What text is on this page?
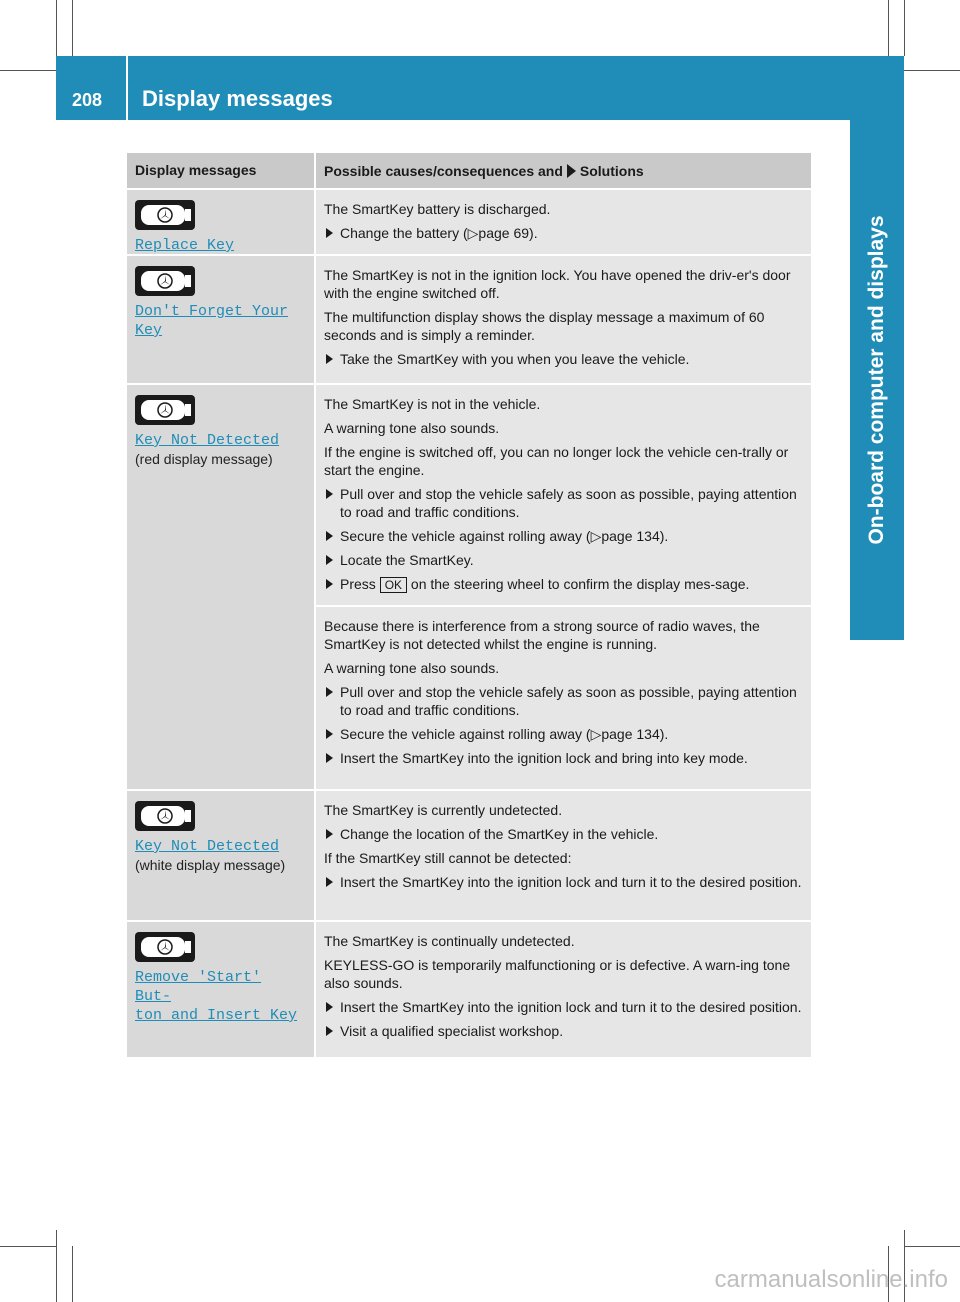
208 Display messages
On-board computer and displays
Display messages	Possible causes/consequences and Solutions
Replace Key

The SmartKey battery is discharged.

Change the battery (▷page 69).
Don't Forget Your
Key

The SmartKey is not in the ignition lock. You have opened the driv-er's door with the engine switched off.

The multifunction display shows the display message a maximum of 60 seconds and is simply a reminder.

Take the SmartKey with you when you leave the vehicle.
Key Not Detected
(red display message)

The SmartKey is not in the vehicle.

A warning tone also sounds.

If the engine is switched off, you can no longer lock the vehicle cen-trally or start the engine.

Pull over and stop the vehicle safely as soon as possible, paying attention to road and traffic conditions.
Secure the vehicle against rolling away (▷page 134).
Locate the SmartKey.
Press OK on the steering wheel to confirm the display mes-sage.

Because there is interference from a strong source of radio waves, the SmartKey is not detected whilst the engine is running.

A warning tone also sounds.

Pull over and stop the vehicle safely as soon as possible, paying attention to road and traffic conditions.
Secure the vehicle against rolling away (▷page 134).
Insert the SmartKey into the ignition lock and bring into key mode.
Key Not Detected
(white display message)

The SmartKey is currently undetected.

Change the location of the SmartKey in the vehicle.

If the SmartKey still cannot be detected:

Insert the SmartKey into the ignition lock and turn it to the desired position.
Remove 'Start' But-
ton and Insert Key

The SmartKey is continually undetected.

KEYLESS-GO is temporarily malfunctioning or is defective. A warn-ing tone also sounds.

Insert the SmartKey into the ignition lock and turn it to the desired position.
Visit a qualified specialist workshop.
carmanualsonline.info
